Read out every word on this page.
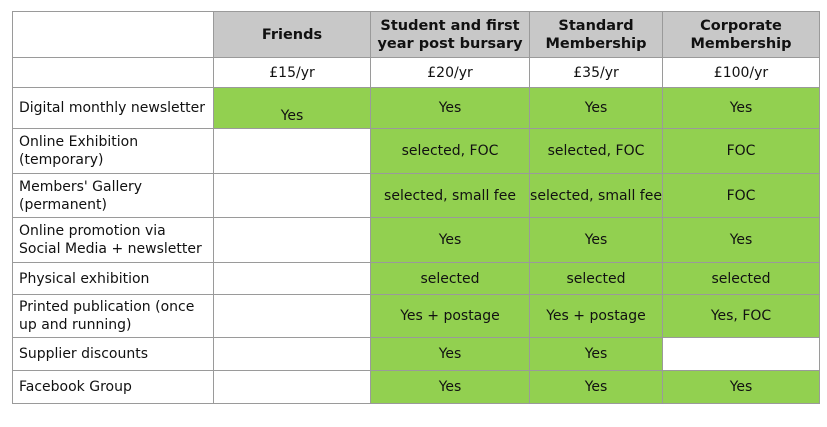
	Friends	Student and first year post bursary	Standard Membership	Corporate Membership
	£15/yr	£20/yr	£35/yr	£100/yr
Digital monthly newsletter	Yes	Yes	Yes	Yes
Online Exhibition (temporary)		selected, FOC	selected, FOC	FOC
Members' Gallery (permanent)		selected, small fee	selected, small fee	FOC
Online promotion via Social Media + newsletter		Yes	Yes	Yes
Physical exhibition		selected	selected	selected
Printed publication (once up and running)		Yes + postage	Yes + postage	Yes, FOC
Supplier discounts		Yes	Yes	
Facebook Group		Yes	Yes	Yes
